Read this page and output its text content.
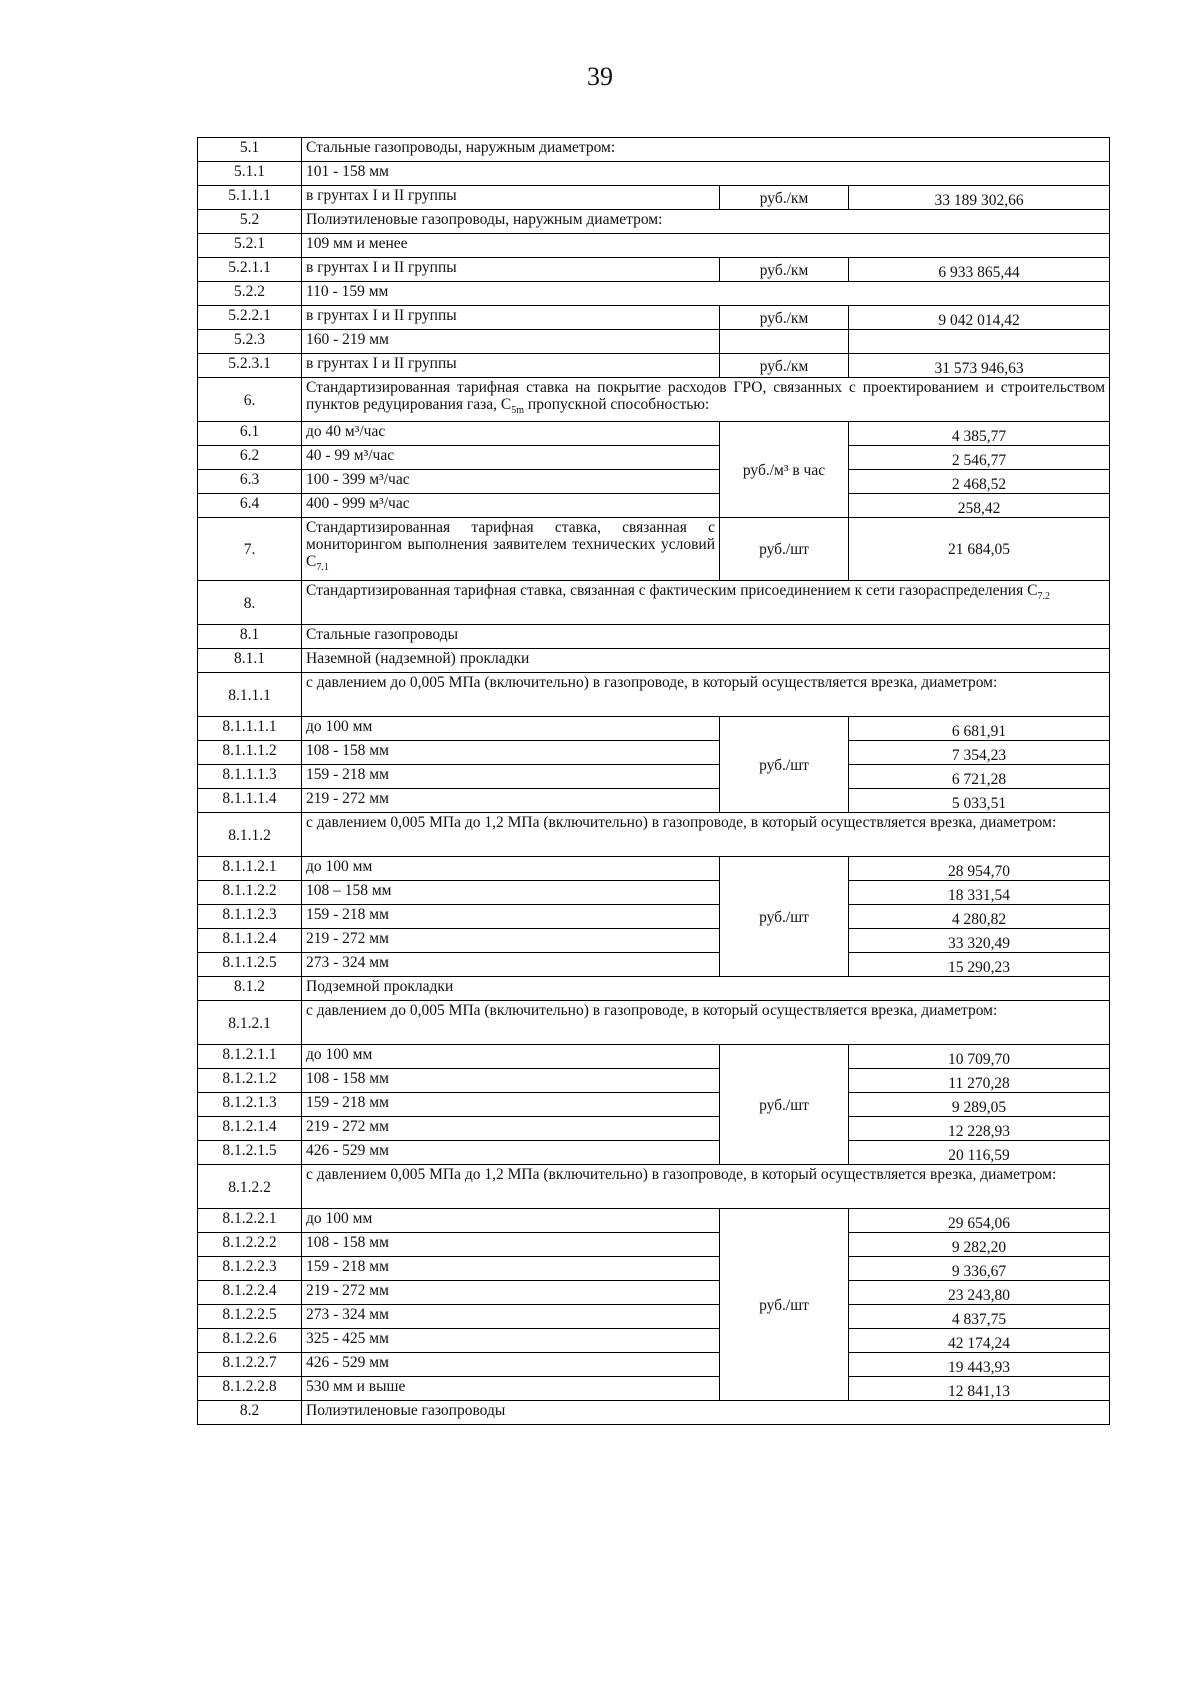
39
5.1	Стальные газопроводы, наружным диаметром:		
5.1.1	101 - 158 мм		
5.1.1.1	в грунтах I и II группы	руб./км	33 189 302,66
5.2	Полиэтиленовые газопроводы, наружным диаметром:		
5.2.1	109 мм и менее		
5.2.1.1	в грунтах I и II группы	руб./км	6 933 865,44
5.2.2	110 - 159 мм		
5.2.2.1	в грунтах I и II группы	руб./км	9 042 014,42
5.2.3	160 - 219 мм		
5.2.3.1	в грунтах I и II группы	руб./км	31 573 946,63
6.	Стандартизированная тарифная ставка на покрытие расходов ГРО, связанных с проектированием и строительством пунктов редуцирования газа, $C_{5m}$ пропускной способностью:		
6.1	до 40 м³/час	руб./м³ в час	4 385,77
6.2	40 - 99 м³/час		2 546,77
6.3	100 - 399 м³/час		2 468,52
6.4	400 - 999 м³/час		258,42
7.	Стандартизированная тарифная ставка, связанная с мониторингом выполнения заявителем технических условий $C_{7.1}$	руб./шт	21 684,05
8.	Стандартизированная тарифная ставка, связанная с фактическим присоединением к сети газораспределения $C_{7.2}$
8.1	Стальные газопроводы		
8.1.1	Наземной (надземной) прокладки		
8.1.1.1	с давлением до 0,005 МПа (включительно) в газопроводе, в который осуществляется врезка, диаметром:		
8.1.1.1.1	до 100 мм	руб./шт	6 681,91
8.1.1.1.2	108 - 158 мм		7 354,23
8.1.1.1.3	159 - 218 мм		6 721,28
8.1.1.1.4	219 - 272 мм		5 033,51
8.1.1.2	с давлением 0,005 МПа до 1,2 МПа (включительно) в газопроводе, в который осуществляется врезка, диаметром:		
8.1.1.2.1	до 100 мм	руб./шт	28 954,70
8.1.1.2.2	108 – 158 мм		18 331,54
8.1.1.2.3	159 - 218 мм		4 280,82
8.1.1.2.4	219 - 272 мм		33 320,49
8.1.1.2.5	273 - 324 мм		15 290,23
8.1.2	Подземной прокладки		
8.1.2.1	с давлением до 0,005 МПа (включительно) в газопроводе, в который осуществляется врезка, диаметром:		
8.1.2.1.1	до 100 мм	руб./шт	10 709,70
8.1.2.1.2	108 - 158 мм		11 270,28
8.1.2.1.3	159 - 218 мм		9 289,05
8.1.2.1.4	219 - 272 мм		12 228,93
8.1.2.1.5	426 - 529 мм		20 116,59
8.1.2.2	с давлением 0,005 МПа до 1,2 МПа (включительно) в газопроводе, в который осуществляется врезка, диаметром:		
8.1.2.2.1	до 100 мм	руб./шт	29 654,06
8.1.2.2.2	108 - 158 мм		9 282,20
8.1.2.2.3	159 - 218 мм		9 336,67
8.1.2.2.4	219 - 272 мм		23 243,80
8.1.2.2.5	273 - 324 мм		4 837,75
8.1.2.2.6	325 - 425 мм		42 174,24
8.1.2.2.7	426 - 529 мм		19 443,93
8.1.2.2.8	530 мм и выше		12 841,13
8.2	Полиэтиленовые газопроводы		
